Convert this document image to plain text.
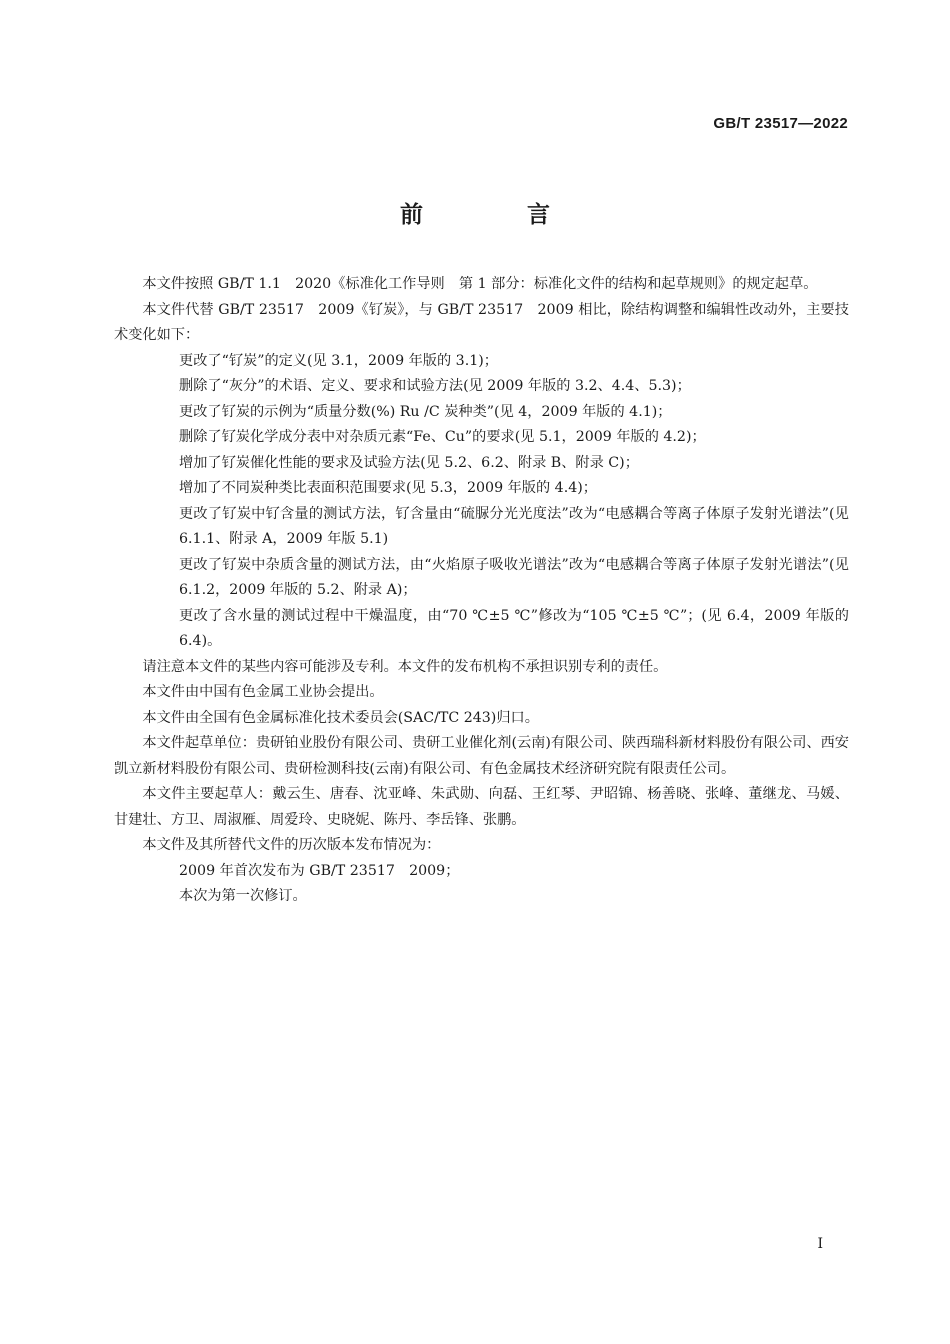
GB/T 23517—2022
前 言

本文件按照 GB/T 1.1　2020《标准化工作导则　第 1 部分：标准化文件的结构和起草规则》的规定起草。

本文件代替 GB/T 23517　2009《钌炭》，与 GB/T 23517　2009 相比，除结构调整和编辑性改动外，主要技术变化如下：

更改了“钌炭”的定义(见 3.1，2009 年版的 3.1)；

删除了“灰分”的术语、定义、要求和试验方法(见 2009 年版的 3.2、4.4、5.3)；

更改了钌炭的示例为“质量分数(%) Ru /C 炭种类”(见 4，2009 年版的 4.1)；

删除了钌炭化学成分表中对杂质元素“Fe、Cu”的要求(见 5.1，2009 年版的 4.2)；

增加了钌炭催化性能的要求及试验方法(见 5.2、6.2、附录 B、附录 C)；

增加了不同炭种类比表面积范围要求(见 5.3，2009 年版的 4.4)；

更改了钌炭中钌含量的测试方法，钌含量由“硫脲分光光度法”改为“电感耦合等离子体原子发射光谱法”(见 6.1.1、附录 A，2009 年版 5.1)

更改了钌炭中杂质含量的测试方法，由“火焰原子吸收光谱法”改为“电感耦合等离子体原子发射光谱法”(见 6.1.2，2009 年版的 5.2、附录 A)；

更改了含水量的测试过程中干燥温度，由“70 ℃±5 ℃”修改为“105 ℃±5 ℃”；(见 6.4，2009 年版的 6.4)。

请注意本文件的某些内容可能涉及专利。本文件的发布机构不承担识别专利的责任。

本文件由中国有色金属工业协会提出。

本文件由全国有色金属标准化技术委员会(SAC/TC 243)归口。

本文件起草单位：贵研铂业股份有限公司、贵研工业催化剂(云南)有限公司、陕西瑞科新材料股份有限公司、西安凯立新材料股份有限公司、贵研检测科技(云南)有限公司、有色金属技术经济研究院有限责任公司。

本文件主要起草人：戴云生、唐春、沈亚峰、朱武勋、向磊、王红琴、尹昭锦、杨善晓、张峰、董继龙、马媛、甘建壮、方卫、周淑雁、周爱玲、史晓妮、陈丹、李岳锋、张鹏。

本文件及其所替代文件的历次版本发布情况为：

2009 年首次发布为 GB/T 23517　2009；

本次为第一次修订。

I
